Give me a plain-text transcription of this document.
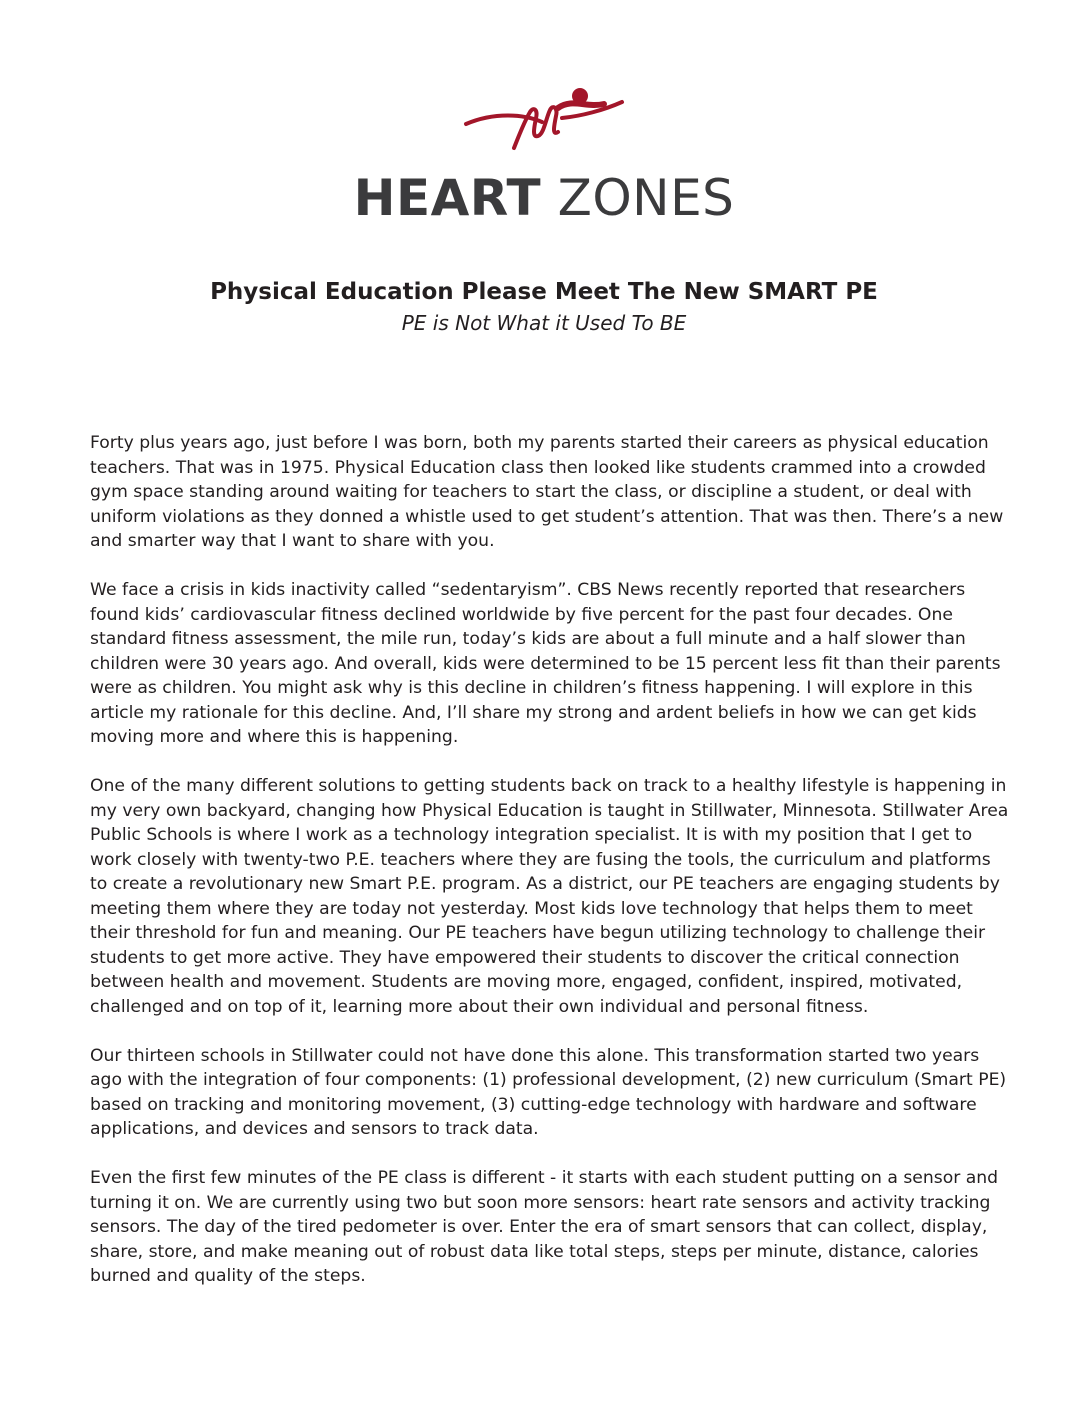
HEART ZONES
Physical Education Please Meet The New SMART PE

PE is Not What it Used To BE

Forty plus years ago, just before I was born, both my parents started their careers as physical education teachers. That was in 1975. Physical Education class then looked like students crammed into a crowded gym space standing around waiting for teachers to start the class, or discipline a student, or deal with uniform violations as they donned a whistle used to get student’s attention. That was then. There’s a new and smarter way that I want to share with you.

We face a crisis in kids inactivity called “sedentaryism”. CBS News recently reported that researchers found kids’ cardiovascular fitness declined worldwide by five percent for the past four decades. One standard fitness assessment, the mile run, today’s kids are about a full minute and a half slower than children were 30 years ago. And overall, kids were determined to be 15 percent less fit than their parents were as children. You might ask why is this decline in children’s fitness happening. I will explore in this article my rationale for this decline. And, I’ll share my strong and ardent beliefs in how we can get kids moving more and where this is happening.

One of the many different solutions to getting students back on track to a healthy lifestyle is happening in my very own backyard, changing how Physical Education is taught in Stillwater, Minnesota. Stillwater Area Public Schools is where I work as a technology integration specialist. It is with my position that I get to work closely with twenty-two P.E. teachers where they are fusing the tools, the curriculum and platforms to create a revolutionary new Smart P.E. program. As a district, our PE teachers are engaging students by meeting them where they are today not yesterday. Most kids love technology that helps them to meet their threshold for fun and meaning. Our PE teachers have begun utilizing technology to challenge their students to get more active. They have empowered their students to discover the critical connection between health and movement. Students are moving more, engaged, confident, inspired, motivated, challenged and on top of it, learning more about their own individual and personal fitness.

Our thirteen schools in Stillwater could not have done this alone. This transformation started two years ago with the integration of four components: (1) professional development, (2) new curriculum (Smart PE) based on tracking and monitoring movement, (3) cutting-edge technology with hardware and software applications, and devices and sensors to track data.

Even the first few minutes of the PE class is different - it starts with each student putting on a sensor and turning it on. We are currently using two but soon more sensors: heart rate sensors and activity tracking sensors. The day of the tired pedometer is over. Enter the era of smart sensors that can collect, display, share, store, and make meaning out of robust data like total steps, steps per minute, distance, calories burned and quality of the steps.
